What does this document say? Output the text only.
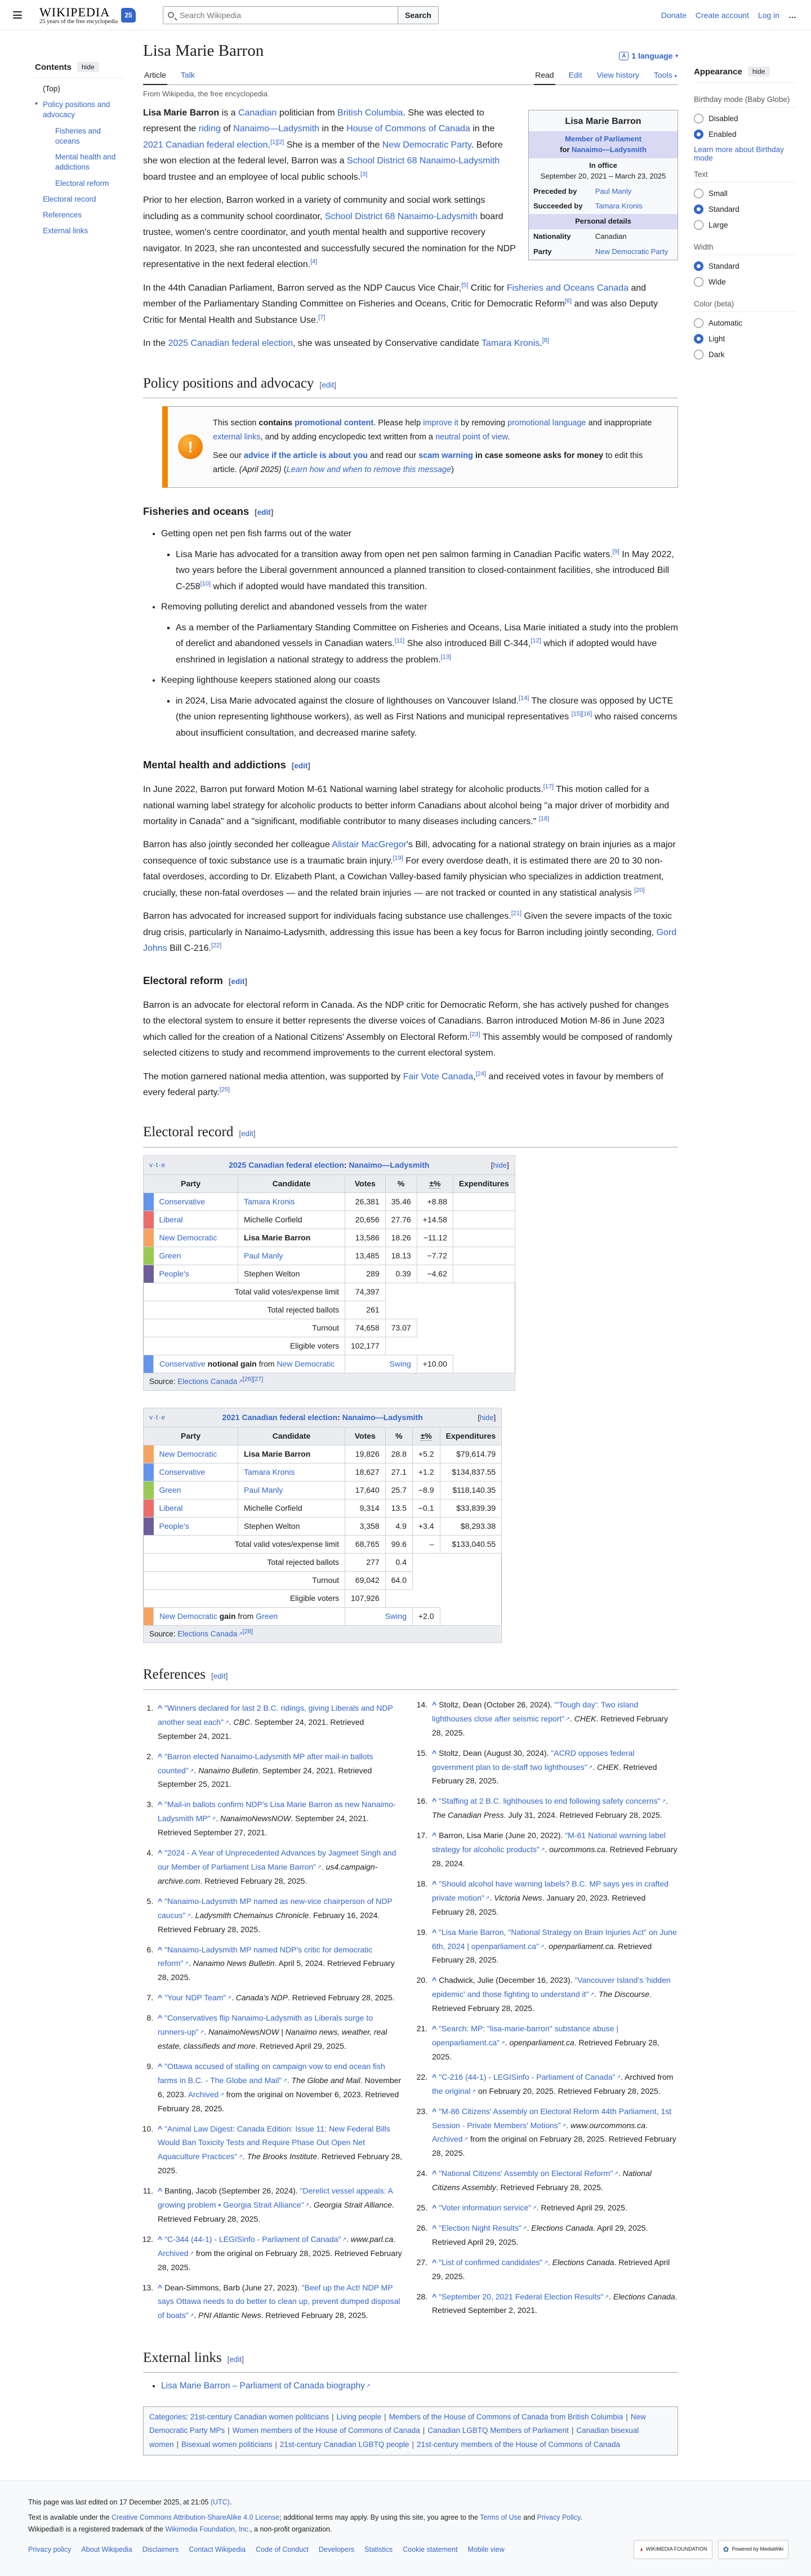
WIKIPEDIA
25 years of the free encyclopedia
25
Search Wikipedia	Search	Donate Create account Log in …
Contents	hide
(Top)
▾ Policy positions and advocacy
Fisheries and oceans
Mental health and addictions
Electoral reform
Electoral record
References
External links
Lisa Marie Barron	A 1 language ▾
Article Talk	Read Edit View history Tools ▾
From Wikipedia, the free encyclopedia
Lisa Marie Barron	
Member of Parliament
for Nanaimo—Ladysmith	
In office
September 20, 2021 – March 23, 2025	
Preceded by	Paul Manly
Succeeded by	Tamara Kronis
Personal details	
Nationality	Canadian
Party	New Democratic Party

Lisa Marie Barron is a Canadian politician from British Columbia. She was elected to represent the riding of Nanaimo—Ladysmith in the House of Commons of Canada in the 2021 Canadian federal election.[1][2] She is a member of the New Democratic Party. Before she won election at the federal level, Barron was a School District 68 Nanaimo-Ladysmith board trustee and an employee of local public schools.[3]

Prior to her election, Barron worked in a variety of community and social work settings including as a community school coordinator, School District 68 Nanaimo-Ladysmith board trustee, women's centre coordinator, and youth mental health and supportive recovery navigator. In 2023, she ran uncontested and successfully secured the nomination for the NDP representative in the next federal election.[4]

In the 44th Canadian Parliament, Barron served as the NDP Caucus Vice Chair,[5] Critic for Fisheries and Oceans Canada and member of the Parliamentary Standing Committee on Fisheries and Oceans, Critic for Democratic Reform[6] and was also Deputy Critic for Mental Health and Substance Use.[7]

In the 2025 Canadian federal election, she was unseated by Conservative candidate Tamara Kronis.[8]

Policy positions and advocacy [edit]
!

This section contains promotional content. Please help improve it by removing promotional language and inappropriate external links, and by adding encyclopedic text written from a neutral point of view.

See our advice if the article is about you and read our scam warning in case someone asks for money to edit this article. (April 2025) (Learn how and when to remove this message)

Fisheries and oceans [edit]
• Getting open net pen fish farms out of the water
▪ Lisa Marie has advocated for a transition away from open net pen salmon farming in Canadian Pacific waters.[9] In May 2022, two years before the Liberal government announced a planned transition to closed-containment facilities, she introduced Bill C-258[10] which if adopted would have mandated this transition.
• Removing polluting derelict and abandoned vessels from the water
▪ As a member of the Parliamentary Standing Committee on Fisheries and Oceans, Lisa Marie initiated a study into the problem of derelict and abandoned vessels in Canadian waters.[11] She also introduced Bill C-344,[12] which if adopted would have enshrined in legislation a national strategy to address the problem.[13]
• Keeping lighthouse keepers stationed along our coasts
▪ in 2024, Lisa Marie advocated against the closure of lighthouses on Vancouver Island.[14] The closure was opposed by UCTE (the union representing lighthouse workers), as well as First Nations and municipal representatives [15][16] who raised concerns about insufficient consultation, and decreased marine safety.
Mental health and addictions [edit]

In June 2022, Barron put forward Motion M-61 National warning label strategy for alcoholic products.[17] This motion called for a national warning label strategy for alcoholic products to better inform Canadians about alcohol being "a major driver of morbidity and mortality in Canada" and a "significant, modifiable contributor to many diseases including cancers." [18]

Barron has also jointly seconded her colleague Alistair MacGregor's Bill, advocating for a national strategy on brain injuries as a major consequence of toxic substance use is a traumatic brain injury.[19] For every overdose death, it is estimated there are 20 to 30 non-fatal overdoses, according to Dr. Elizabeth Plant, a Cowichan Valley-based family physician who specializes in addiction treatment, crucially, these non-fatal overdoses — and the related brain injuries — are not tracked or counted in any statistical analysis [20]

Barron has advocated for increased support for individuals facing substance use challenges.[21] Given the severe impacts of the toxic drug crisis, particularly in Nanaimo-Ladysmith, addressing this issue has been a key focus for Barron including jointly seconding, Gord Johns Bill C-216.[22]

Electoral reform [edit]

Barron is an advocate for electoral reform in Canada. As the NDP critic for Democratic Reform, she has actively pushed for changes to the electoral system to ensure it better represents the diverse voices of Canadians. Barron introduced Motion M-86 in June 2023 which called for the creation of a National Citizens' Assembly on Electoral Reform.[23] This assembly would be composed of randomly selected citizens to study and recommend improvements to the current electoral system.

The motion garnered national media attention, was supported by Fair Vote Canada,[24] and received votes in favour by members of every federal party.[25]

Electoral record [edit]
v·t·e 2025 Canadian federal election: Nanaimo—Ladysmith [hide]						

Party		Candidate	Votes	%	±%	Expenditures
	Conservative	Tamara Kronis	26,381	35.46	+8.88	
	Liberal	Michelle Corfield	20,656	27.76	+14.58	
	New Democratic	Lisa Marie Barron	13,586	18.26	−11.12	
	Green	Paul Manly	13,485	18.13	−7.72	
	People's	Stephen Welton	289	0.39	−4.62	
Total valid votes/expense limit			74,397			
Total rejected ballots			261			
Turnout			74,658	73.07		
Eligible voters			102,177			
	Conservative notional gain from New Democratic		Swing		+10.00	
Source: Elections Canada ↗ [26][27]
v·t·e 2021 Canadian federal election: Nanaimo—Ladysmith [hide]						

Party		Candidate	Votes	%	±%	Expenditures
	New Democratic	Lisa Marie Barron	19,826	28.8	+5.2	$79,614.79
	Conservative	Tamara Kronis	18,627	27.1	+1.2	$134,837.55
	Green	Paul Manly	17,640	25.7	−8.9	$118,140.35
	Liberal	Michelle Corfield	9,314	13.5	−0.1	$33,839.39
	People's	Stephen Welton	3,358	4.9	+3.4	$8,293.38
Total valid votes/expense limit			68,765	99.6	–	$133,040.55
Total rejected ballots			277	0.4		
Turnout			69,042	64.0		
Eligible voters			107,926			
	New Democratic gain from Green		Swing		+2.0	
Source: Elections Canada ↗ [28]
References [edit]
1. ^ "Winners declared for last 2 B.C. ridings, giving Liberals and NDP another seat each" ↗ . CBC. September 24, 2021. Retrieved September 24, 2021.
2. ^ "Barron elected Nanaimo-Ladysmith MP after mail-in ballots counted" ↗ . Nanaimo Bulletin. September 24, 2021. Retrieved September 25, 2021.
3. ^ "Mail-in ballots confirm NDP's Lisa Marie Barron as new Nanaimo-Ladysmith MP" ↗ . NanaimoNewsNOW. September 24, 2021. Retrieved September 27, 2021.
4. ^ "2024 - A Year of Unprecedented Advances by Jagmeet Singh and our Member of Parliament Lisa Marie Barron" ↗ . us4.campaign-archive.com. Retrieved February 28, 2025.
5. ^ "Nanaimo-Ladysmith MP named as new-vice chairperson of NDP caucus" ↗ . Ladysmith Chemainus Chronicle. February 16, 2024. Retrieved February 28, 2025.
6. ^ "Nanaimo-Ladysmith MP named NDP's critic for democratic reform" ↗ . Nanaimo News Bulletin. April 5, 2024. Retrieved February 28, 2025.
7. ^ "Your NDP Team" ↗ . Canada's NDP. Retrieved February 28, 2025.
8. ^ "Conservatives flip Nanaimo-Ladysmith as Liberals surge to runners-up" ↗ . NanaimoNewsNOW | Nanaimo news, weather, real estate, classifieds and more. Retrieved April 29, 2025.
9. ^ "Ottawa accused of stalling on campaign vow to end ocean fish farms in B.C. - The Globe and Mail" ↗ . The Globe and Mail. November 6, 2023. Archived ↗ from the original on November 6, 2023. Retrieved February 28, 2025.
10. ^ "Animal Law Digest: Canada Edition: Issue 11: New Federal Bills Would Ban Toxicity Tests and Require Phase Out Open Net Aquaculture Practices" ↗ . The Brooks Institute. Retrieved February 28, 2025.
11. ^ Banting, Jacob (September 26, 2024). "Derelict vessel appeals: A growing problem • Georgia Strait Alliance" ↗ . Georgia Strait Alliance. Retrieved February 28, 2025.
12. ^ "C-344 (44-1) - LEGISinfo - Parliament of Canada" ↗ . www.parl.ca. Archived ↗ from the original on February 28, 2025. Retrieved February 28, 2025.
13. ^ Dean-Simmons, Barb (June 27, 2023). "Beef up the Act! NDP MP says Ottawa needs to do better to clean up, prevent dumped disposal of boats" ↗ . PNI Atlantic News. Retrieved February 28, 2025.
14. ^ Stoltz, Dean (October 26, 2024). "'Tough day': Two island lighthouses close after seismic report" ↗ . CHEK. Retrieved February 28, 2025.
15. ^ Stoltz, Dean (August 30, 2024). "ACRD opposes federal government plan to de-staff two lighthouses" ↗ . CHEK. Retrieved February 28, 2025.
16. ^ "Staffing at 2 B.C. lighthouses to end following safety concerns" ↗ . The Canadian Press. July 31, 2024. Retrieved February 28, 2025.
17. ^ Barron, Lisa Marie (June 20, 2022). "M-61 National warning label strategy for alcoholic products" ↗ . ourcommons.ca. Retrieved February 28, 2024.
18. ^ "Should alcohol have warning labels? B.C. MP says yes in crafted private motion" ↗ . Victoria News. January 20, 2023. Retrieved February 28, 2025.
19. ^ "Lisa Marie Barron, "National Strategy on Brain Injuries Act" on June 6th, 2024 | openparliament.ca" ↗ . openparliament.ca. Retrieved February 28, 2025.
20. ^ Chadwick, Julie (December 16, 2023). "Vancouver Island's 'hidden epidemic' and those fighting to understand it" ↗ . The Discourse. Retrieved February 28, 2025.
21. ^ "Search: MP: "lisa-marie-barron" substance abuse | openparliament.ca" ↗ . openparliament.ca. Retrieved February 28, 2025.
22. ^ "C-216 (44-1) - LEGISinfo - Parliament of Canada" ↗ . Archived from the original ↗ on February 20, 2025. Retrieved February 28, 2025.
23. ^ "M-86 Citizens' Assembly on Electoral Reform 44th Parliament, 1st Session - Private Members' Motions" ↗ . www.ourcommons.ca. Archived ↗ from the original on February 28, 2025. Retrieved February 28, 2025.
24. ^ "National Citizens' Assembly on Electoral Reform" ↗ . National Citizens Assembly. Retrieved February 28, 2025.
25. ^ "Voter information service" ↗ . Retrieved April 29, 2025.
26. ^ "Election Night Results" ↗ . Elections Canada. April 29, 2025. Retrieved April 29, 2025.
27. ^ "List of confirmed candidates" ↗ . Elections Canada. Retrieved April 29, 2025.
28. ^ "September 20, 2021 Federal Election Results" ↗ . Elections Canada. Retrieved September 2, 2021.
External links [edit]
• Lisa Marie Barron – Parliament of Canada biography ↗
Categories: 21st-century Canadian women politicians | Living people | Members of the House of Commons of Canada from British Columbia | New Democratic Party MPs | Women members of the House of Commons of Canada | Canadian LGBTQ Members of Parliament | Canadian bisexual women | Bisexual women politicians | 21st-century Canadian LGBTQ people | 21st-century members of the House of Commons of Canada
Appearance	hide
Birthday mode (Baby Globe)
Disabled
Enabled
Learn more about Birthday mode
Text
Small
Standard
Large
Width
Standard
Wide
Color (beta)
Automatic
Light
Dark

This page was last edited on 17 December 2025, at 21:05 (UTC).

Text is available under the Creative Commons Attribution-ShareAlike 4.0 License; additional terms may apply. By using this site, you agree to the Terms of Use and Privacy Policy. Wikipedia® is a registered trademark of the Wikimedia Foundation, Inc., a non-profit organization.

Privacy policy About Wikipedia Disclaimers Contact Wikipedia Code of Conduct Developers Statistics Cookie statement Mobile view	◑ WIKIMEDIA FOUNDATION ✿ Powered by MediaWiki
